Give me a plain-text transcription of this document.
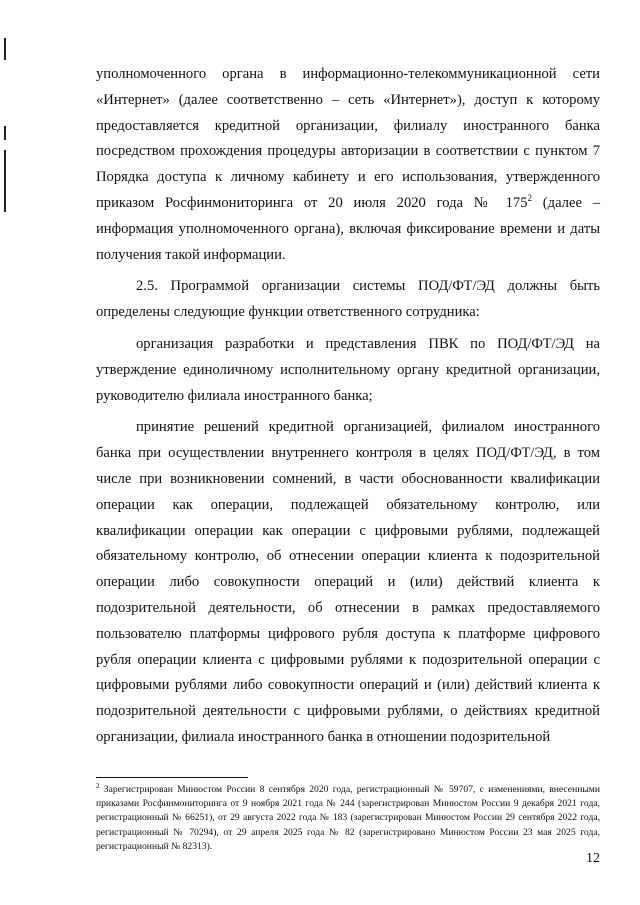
уполномоченного органа в информационно-телекоммуникационной сети «Интернет» (далее соответственно – сеть «Интернет»), доступ к которому предоставляется кредитной организации, филиалу иностранного банка посредством прохождения процедуры авторизации в соответствии с пунктом 7 Порядка доступа к личному кабинету и его использования, утвержденного приказом Росфинмониторинга от 20 июля 2020 года № $175^2$ (далее – информация уполномоченного органа), включая фиксирование времени и даты получения такой информации.

2.5. Программой организации системы ПОД/ФТ/ЭД должны быть определены следующие функции ответственного сотрудника:

организация разработки и представления ПВК по ПОД/ФТ/ЭД на утверждение единоличному исполнительному органу кредитной организации, руководителю филиала иностранного банка;

принятие решений кредитной организацией, филиалом иностранного банка при осуществлении внутреннего контроля в целях ПОД/ФТ/ЭД, в том числе при возникновении сомнений, в части обоснованности квалификации операции как операции, подлежащей обязательному контролю, или квалификации операции как операции с цифровыми рублями, подлежащей обязательному контролю, об отнесении операции клиента к подозрительной операции либо совокупности операций и (или) действий клиента к подозрительной деятельности, об отнесении в рамках предоставляемого пользователю платформы цифрового рубля доступа к платформе цифрового рубля операции клиента с цифровыми рублями к подозрительной операции с цифровыми рублями либо совокупности операций и (или) действий клиента к подозрительной деятельности с цифровыми рублями, о действиях кредитной организации, филиала иностранного банка в отношении подозрительной

$^2$ Зарегистрирован Минюстом России 8 сентября 2020 года, регистрационный № 59707, с изменениями, внесенными приказами Росфинмониторинга от 9 ноября 2021 года № 244 (зарегистрирован Минюстом России 9 декабря 2021 года, регистрационный № 66251), от 29 августа 2022 года № 183 (зарегистрирован Минюстом России 29 сентября 2022 года, регистрационный № 70294), от 29 апреля 2025 года № 82 (зарегистрировано Минюстом России 23 мая 2025 года, регистрационный № 82313).

12
